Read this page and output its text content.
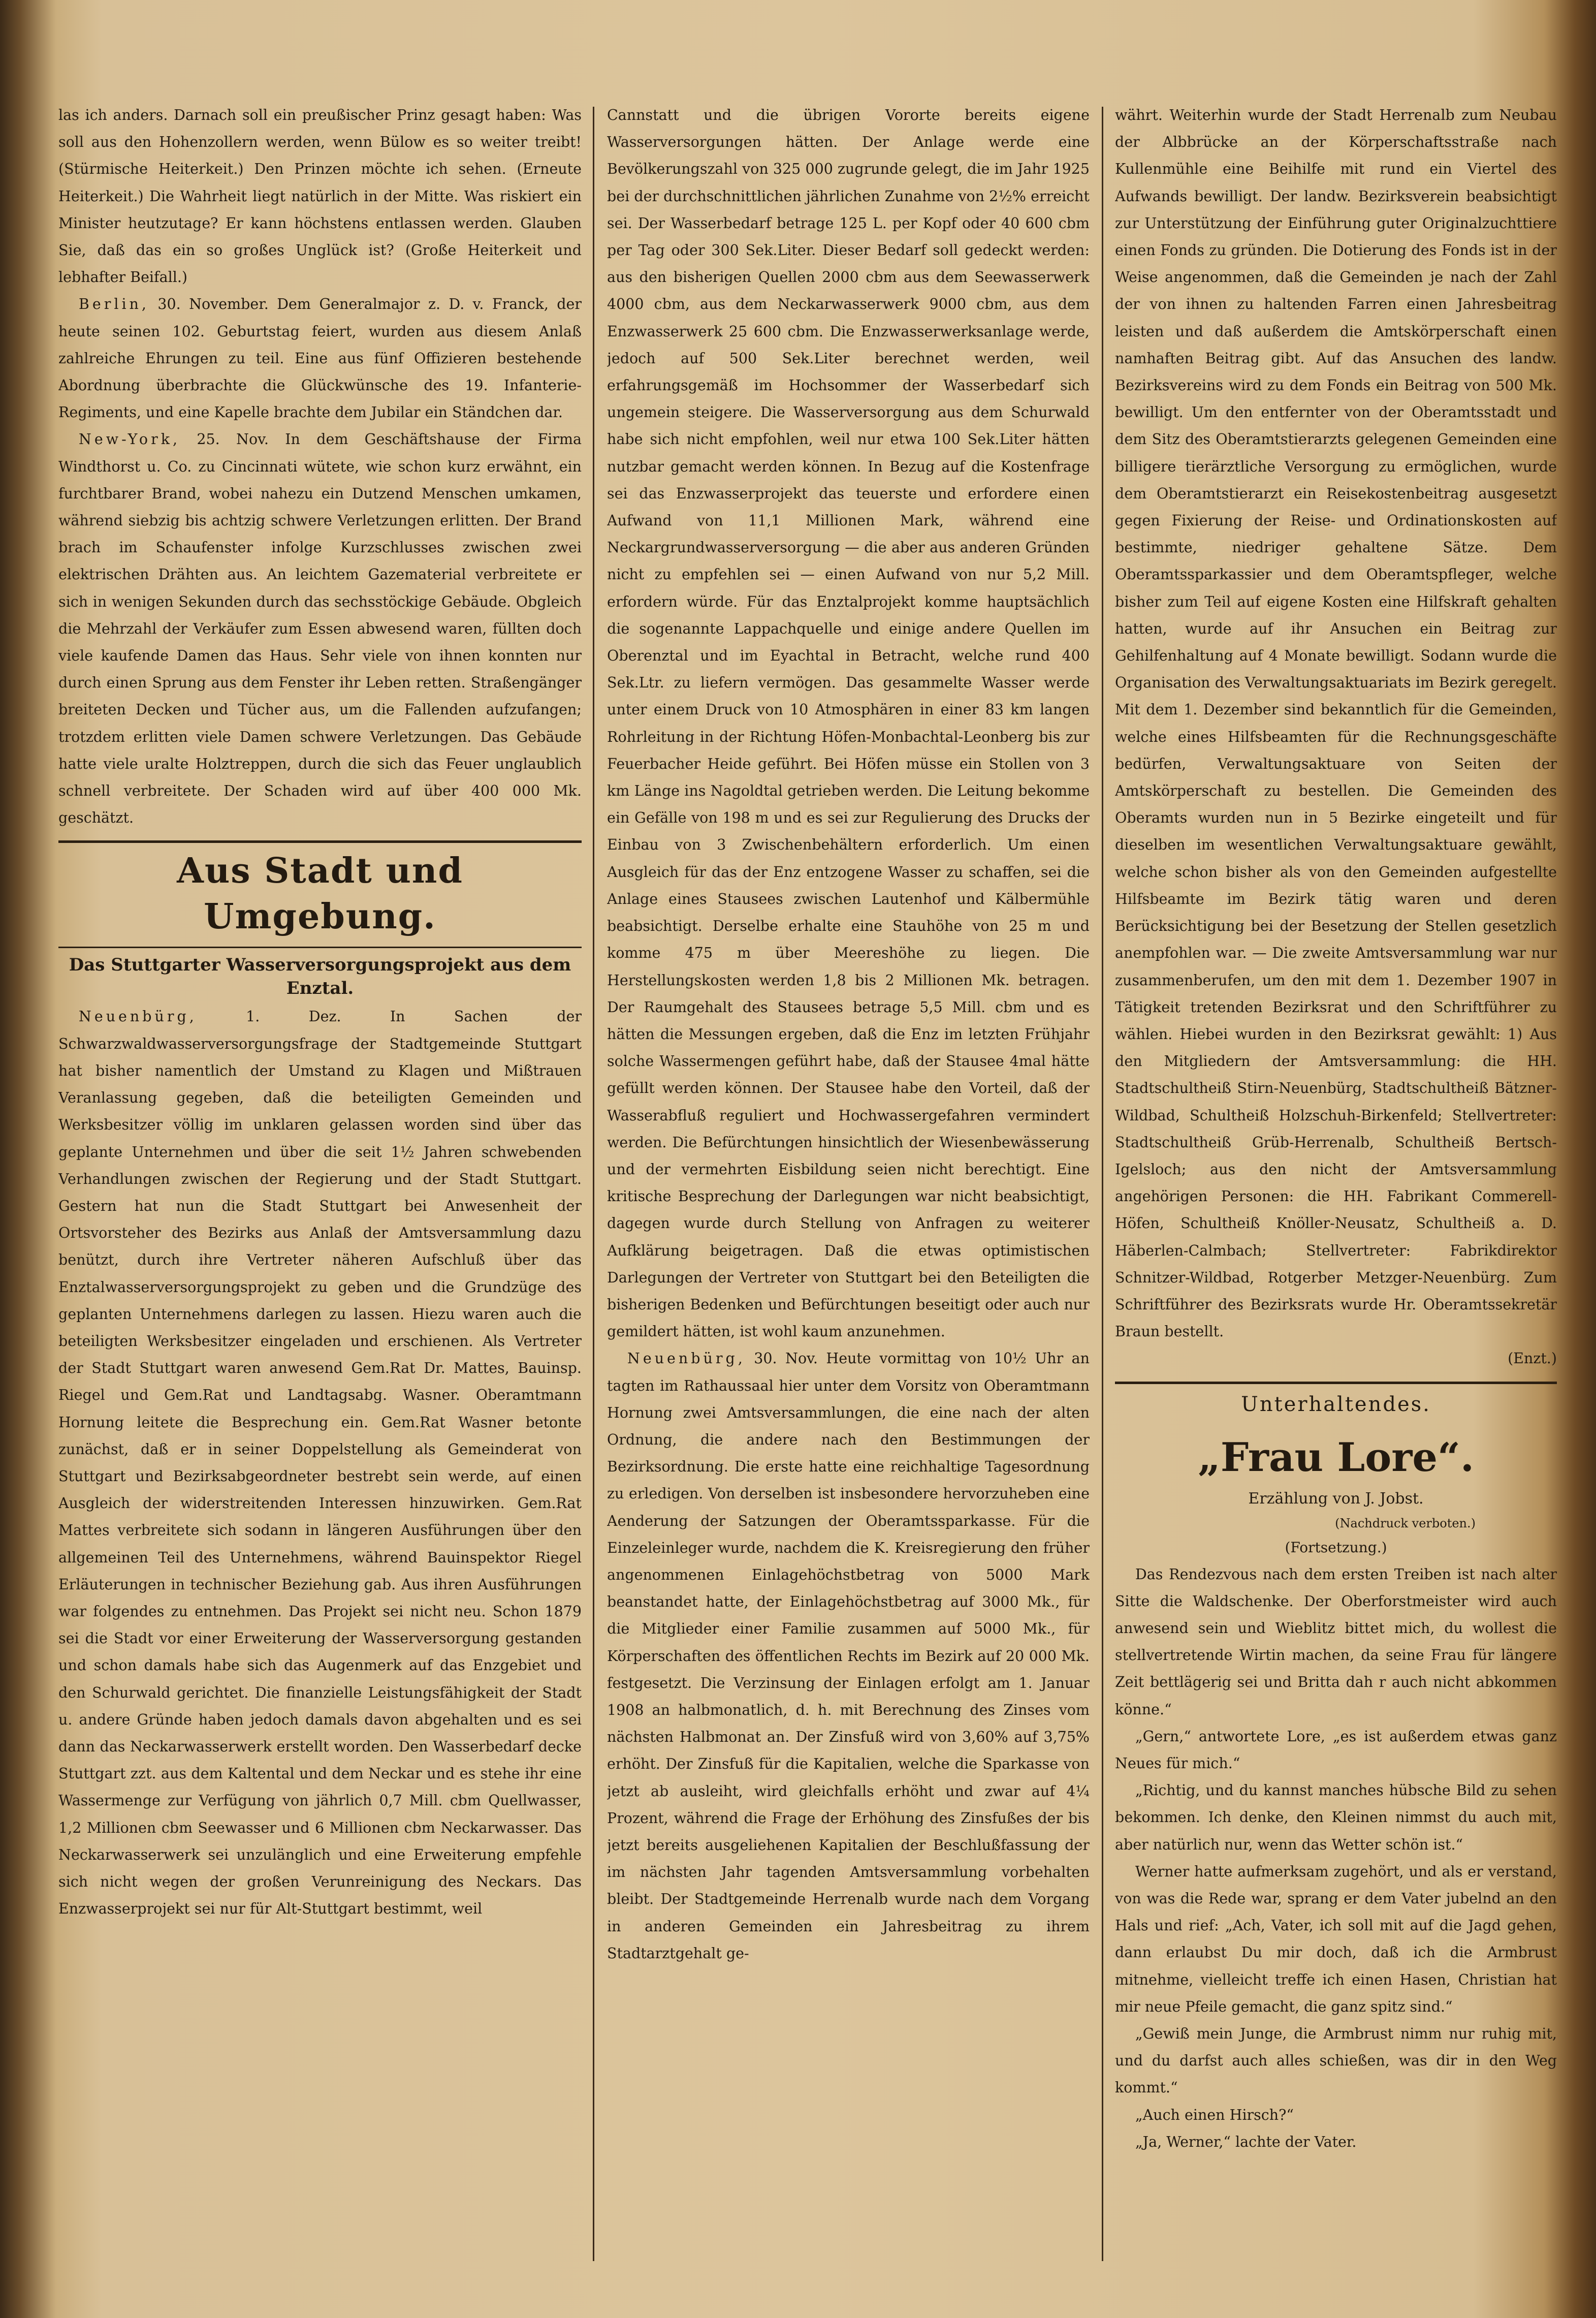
las ich anders. Darnach soll ein preußischer Prinz gesagt haben: Was soll aus den Hohenzollern werden, wenn Bülow es so weiter treibt! (Stürmische Heiterkeit.) Den Prinzen möchte ich sehen. (Erneute Heiterkeit.) Die Wahrheit liegt natürlich in der Mitte. Was riskiert ein Minister heutzutage? Er kann höchstens entlassen werden. Glauben Sie, daß das ein so großes Unglück ist? (Große Heiterkeit und lebhafter Beifall.)

Berlin, 30. November. Dem Generalmajor z. D. v. Franck, der heute seinen 102. Geburtstag feiert, wurden aus diesem Anlaß zahlreiche Ehrungen zu teil. Eine aus fünf Offizieren bestehende Abordnung überbrachte die Glückwünsche des 19. Infanterie-Regiments, und eine Kapelle brachte dem Jubilar ein Ständchen dar.

New-York, 25. Nov. In dem Geschäftshause der Firma Windthorst u. Co. zu Cincinnati wütete, wie schon kurz erwähnt, ein furchtbarer Brand, wobei nahezu ein Dutzend Menschen umkamen, während siebzig bis achtzig schwere Verletzungen erlitten. Der Brand brach im Schaufenster infolge Kurzschlusses zwischen zwei elektrischen Drähten aus. An leichtem Gazematerial verbreitete er sich in wenigen Sekunden durch das sechsstöckige Gebäude. Obgleich die Mehrzahl der Verkäufer zum Essen abwesend waren, füllten doch viele kaufende Damen das Haus. Sehr viele von ihnen konnten nur durch einen Sprung aus dem Fenster ihr Leben retten. Straßengänger breiteten Decken und Tücher aus, um die Fallenden aufzufangen; trotzdem erlitten viele Damen schwere Verletzungen. Das Gebäude hatte viele uralte Holztreppen, durch die sich das Feuer unglaublich schnell verbreitete. Der Schaden wird auf über 400 000 Mk. geschätzt.

Aus Stadt und Umgebung.
Das Stuttgarter Wasserversorgungsprojekt aus dem Enztal.

Neuenbürg,	1. Dez. In Sachen der Schwarzwaldwasserversorgungsfrage der Stadtgemeinde Stuttgart hat bisher namentlich der Umstand zu Klagen und Mißtrauen Veranlassung gegeben, daß die beteiligten Gemeinden und Werksbesitzer völlig im unklaren gelassen worden sind über das geplante Unternehmen und über die seit 1½ Jahren schwebenden Verhandlungen zwischen der Regierung und der Stadt Stuttgart. Gestern hat nun die Stadt Stuttgart bei Anwesenheit der Ortsvorsteher des Bezirks aus Anlaß der Amtsversammlung dazu benützt, durch ihre Vertreter näheren Aufschluß über das Enztalwasserversorgungsprojekt zu geben und die Grundzüge des geplanten Unternehmens darlegen zu lassen. Hiezu waren auch die beteiligten Werksbesitzer eingeladen und erschienen. Als Vertreter der Stadt Stuttgart waren anwesend Gem.Rat Dr. Mattes, Bauinsp. Riegel und Gem.Rat und Landtagsabg. Wasner. Oberamtmann Hornung leitete die Besprechung ein. Gem.Rat Wasner betonte zunächst, daß er in seiner Doppelstellung als Gemeinderat von Stuttgart und Bezirksabgeordneter bestrebt sein werde, auf einen Ausgleich der widerstreitenden Interessen hinzuwirken. Gem.Rat Mattes verbreitete sich sodann in längeren Ausführungen über den allgemeinen Teil des Unternehmens, während Bauinspektor Riegel Erläuterungen in technischer Beziehung gab. Aus ihren Ausführungen war folgendes zu entnehmen. Das Projekt sei nicht neu. Schon 1879 sei die Stadt vor einer Erweiterung der Wasserversorgung gestanden und schon damals habe sich das Augenmerk auf das Enzgebiet und den Schurwald gerichtet. Die finanzielle Leistungsfähigkeit der Stadt u. andere Gründe haben jedoch damals davon abgehalten und es sei dann das Neckarwasserwerk erstellt worden. Den Wasserbedarf decke Stuttgart zzt. aus dem Kaltental und dem Neckar und es stehe ihr eine Wassermenge zur Verfügung von jährlich 0,7 Mill. cbm Quellwasser, 1,2 Millionen cbm Seewasser und 6 Millionen cbm Neckarwasser. Das Neckarwasserwerk sei unzulänglich und eine Erweiterung empfehle sich nicht wegen der großen Verunreinigung des Neckars. Das Enzwasserprojekt sei nur für Alt-Stuttgart bestimmt, weil

Cannstatt und die übrigen Vororte bereits eigene Wasserversorgungen hätten. Der Anlage werde eine Bevölkerungszahl von 325 000 zugrunde gelegt, die im Jahr 1925 bei der durchschnittlichen jährlichen Zunahme von 2½% erreicht sei. Der Wasserbedarf betrage 125 L. per Kopf oder 40 600 cbm per Tag oder 300 Sek.Liter. Dieser Bedarf soll gedeckt werden: aus den bisherigen Quellen 2000 cbm aus dem Seewasserwerk 4000 cbm, aus dem Neckarwasserwerk 9000 cbm, aus dem Enzwasserwerk 25 600 cbm. Die Enzwasserwerksanlage werde, jedoch auf 500 Sek.Liter berechnet werden, weil erfahrungsgemäß im Hochsommer der Wasserbedarf sich ungemein steigere. Die Wasserversorgung aus dem Schurwald habe sich nicht empfohlen, weil nur etwa 100 Sek.Liter hätten nutzbar gemacht werden können. In Bezug auf die Kostenfrage sei das Enzwasserprojekt das teuerste und erfordere einen Aufwand von 11,1 Millionen Mark, während eine Neckargrundwasserversorgung — die aber aus anderen Gründen nicht zu empfehlen sei — einen Aufwand von nur 5,2 Mill. erfordern würde. Für das Enztalprojekt komme hauptsächlich die sogenannte Lappachquelle und einige andere Quellen im Oberenztal und im Eyachtal in Betracht, welche rund 400 Sek.Ltr. zu liefern vermögen. Das gesammelte Wasser werde unter einem Druck von 10 Atmosphären in einer 83 km langen Rohrleitung in der Richtung Höfen-Monbachtal-Leonberg bis zur Feuerbacher Heide geführt. Bei Höfen müsse ein Stollen von 3 km Länge ins Nagoldtal getrieben werden. Die Leitung bekomme ein Gefälle von 198 m und es sei zur Regulierung des Drucks der Einbau von 3 Zwischenbehältern erforderlich. Um einen Ausgleich für das der Enz entzogene Wasser zu schaffen, sei die Anlage eines Stausees zwischen Lautenhof und Kälbermühle beabsichtigt. Derselbe erhalte eine Stauhöhe von 25 m und komme 475 m über Meereshöhe zu liegen. Die Herstellungskosten werden 1,8 bis 2 Millionen Mk. betragen. Der Raumgehalt des Stausees betrage 5,5 Mill. cbm und es hätten die Messungen ergeben, daß die Enz im letzten Frühjahr solche Wassermengen geführt habe, daß der Stausee 4mal hätte gefüllt werden können. Der Stausee habe den Vorteil, daß der Wasserabfluß reguliert und Hochwassergefahren vermindert werden. Die Befürchtungen hinsichtlich der Wiesenbewässerung und der vermehrten Eisbildung seien nicht berechtigt. Eine kritische Besprechung der Darlegungen war nicht beabsichtigt, dagegen wurde durch Stellung von Anfragen zu weiterer Aufklärung beigetragen. Daß die etwas optimistischen Darlegungen der Vertreter von Stuttgart bei den Beteiligten die bisherigen Bedenken und Befürchtungen beseitigt oder auch nur gemildert hätten, ist wohl kaum anzunehmen.

Neuenbürg, 30. Nov. Heute vormittag von 10½ Uhr an tagten im Rathaussaal hier unter dem Vorsitz von Oberamtmann Hornung zwei Amtsversammlungen, die eine nach der alten Ordnung, die andere nach den Bestimmungen der Bezirksordnung. Die erste hatte eine reichhaltige Tagesordnung zu erledigen. Von derselben ist insbesondere hervorzuheben eine Aenderung der Satzungen der Oberamtssparkasse. Für die Einzeleinleger wurde, nachdem die K. Kreisregierung den früher angenommenen Einlagehöchstbetrag von 5000 Mark beanstandet hatte, der Einlagehöchstbetrag auf 3000 Mk., für die Mitglieder einer Familie zusammen auf 5000 Mk., für Körperschaften des öffentlichen Rechts im Bezirk auf 20 000 Mk. festgesetzt. Die Verzinsung der Einlagen erfolgt am 1. Januar 1908 an halbmonatlich, d. h. mit Berechnung des Zinses vom nächsten Halbmonat an. Der Zinsfuß wird von 3,60% auf 3,75% erhöht. Der Zinsfuß für die Kapitalien, welche die Sparkasse von jetzt ab ausleiht, wird gleichfalls erhöht und zwar auf 4¼ Prozent, während die Frage der Erhöhung des Zinsfußes der bis jetzt bereits ausgeliehenen Kapitalien der Beschlußfassung der im nächsten Jahr tagenden Amtsversammlung vorbehalten bleibt. Der Stadtgemeinde Herrenalb wurde nach dem Vorgang in anderen Gemeinden ein Jahresbeitrag zu ihrem Stadtarztgehalt ge-

währt. Weiterhin wurde der Stadt Herrenalb zum Neubau der Albbrücke an der Körperschaftsstraße nach Kullenmühle eine Beihilfe mit rund ein Viertel des Aufwands bewilligt. Der landw. Bezirksverein beabsichtigt zur Unterstützung der Einführung guter Originalzuchttiere einen Fonds zu gründen. Die Dotierung des Fonds ist in der Weise angenommen, daß die Gemeinden je nach der Zahl der von ihnen zu haltenden Farren einen Jahresbeitrag leisten und daß außerdem die Amtskörperschaft einen namhaften Beitrag gibt. Auf das Ansuchen des landw. Bezirksvereins wird zu dem Fonds ein Beitrag von 500 Mk. bewilligt. Um den entfernter von der Oberamtsstadt und dem Sitz des Oberamtstierarzts gelegenen Gemeinden eine billigere tierärztliche Versorgung zu ermöglichen, wurde dem Oberamtstierarzt ein Reisekostenbeitrag ausgesetzt gegen Fixierung der Reise- und Ordinationskosten auf bestimmte, niedriger gehaltene Sätze. Dem Oberamtssparkassier und dem Oberamtspfleger, welche bisher zum Teil auf eigene Kosten eine Hilfskraft gehalten hatten, wurde auf ihr Ansuchen ein Beitrag zur Gehilfenhaltung auf 4 Monate bewilligt. Sodann wurde die Organisation des Verwaltungsaktuariats im Bezirk geregelt. Mit dem 1. Dezember sind bekanntlich für die Gemeinden, welche eines Hilfsbeamten für die Rechnungsgeschäfte bedürfen, Verwaltungsaktuare von Seiten der Amtskörperschaft zu bestellen. Die Gemeinden des Oberamts wurden nun in 5 Bezirke eingeteilt und für dieselben im wesentlichen Verwaltungsaktuare gewählt, welche schon bisher als von den Gemeinden aufgestellte Hilfsbeamte im Bezirk tätig waren und deren Berücksichtigung bei der Besetzung der Stellen gesetzlich anempfohlen war. — Die zweite Amtsversammlung war nur zusammenberufen, um den mit dem 1. Dezember 1907 in Tätigkeit tretenden Bezirksrat und den Schriftführer zu wählen. Hiebei wurden in den Bezirksrat gewählt: 1) Aus den Mitgliedern der Amtsversammlung: die HH. Stadtschultheiß Stirn-Neuenbürg, Stadtschultheiß Bätzner-Wildbad, Schultheiß Holzschuh-Birkenfeld; Stellvertreter: Stadtschultheiß Grüb-Herrenalb, Schultheiß Bertsch-Igelsloch; aus den nicht der Amtsversammlung angehörigen Personen: die HH. Fabrikant Commerell-Höfen, Schultheiß Knöller-Neusatz, Schultheiß a. D. Häberlen-Calmbach; Stellvertreter: Fabrikdirektor Schnitzer-Wildbad, Rotgerber Metzger-Neuenbürg. Zum Schriftführer des Bezirksrats wurde Hr. Oberamtssekretär Braun bestellt.

(Enzt.)
Unterhaltendes.
„Frau Lore“.
Erzählung von J. Jobst.
(Nachdruck verboten.)
(Fortsetzung.)

Das Rendezvous nach dem ersten Treiben ist nach alter Sitte die Waldschenke. Der Oberforstmeister wird auch anwesend sein und Wieblitz bittet mich, du wollest die stellvertretende Wirtin machen, da seine Frau für längere Zeit bettlägerig sei und Britta dah r auch nicht abkommen könne.“

„Gern,“ antwortete Lore, „es ist außerdem etwas ganz Neues für mich.“

„Richtig, und du kannst manches hübsche Bild zu sehen bekommen. Ich denke, den Kleinen nimmst du auch mit, aber natürlich nur, wenn das Wetter schön ist.“

Werner hatte aufmerksam zugehört, und als er verstand, von was die Rede war, sprang er dem Vater jubelnd an den Hals und rief: „Ach, Vater, ich soll mit auf die Jagd gehen, dann erlaubst Du mir doch, daß ich die Armbrust mitnehme, vielleicht treffe ich einen Hasen, Christian hat mir neue Pfeile gemacht, die ganz spitz sind.“

„Gewiß mein Junge, die Armbrust nimm nur ruhig mit, und du darfst auch alles schießen, was dir in den Weg kommt.“

„Auch einen Hirsch?“

„Ja, Werner,“ lachte der Vater.
